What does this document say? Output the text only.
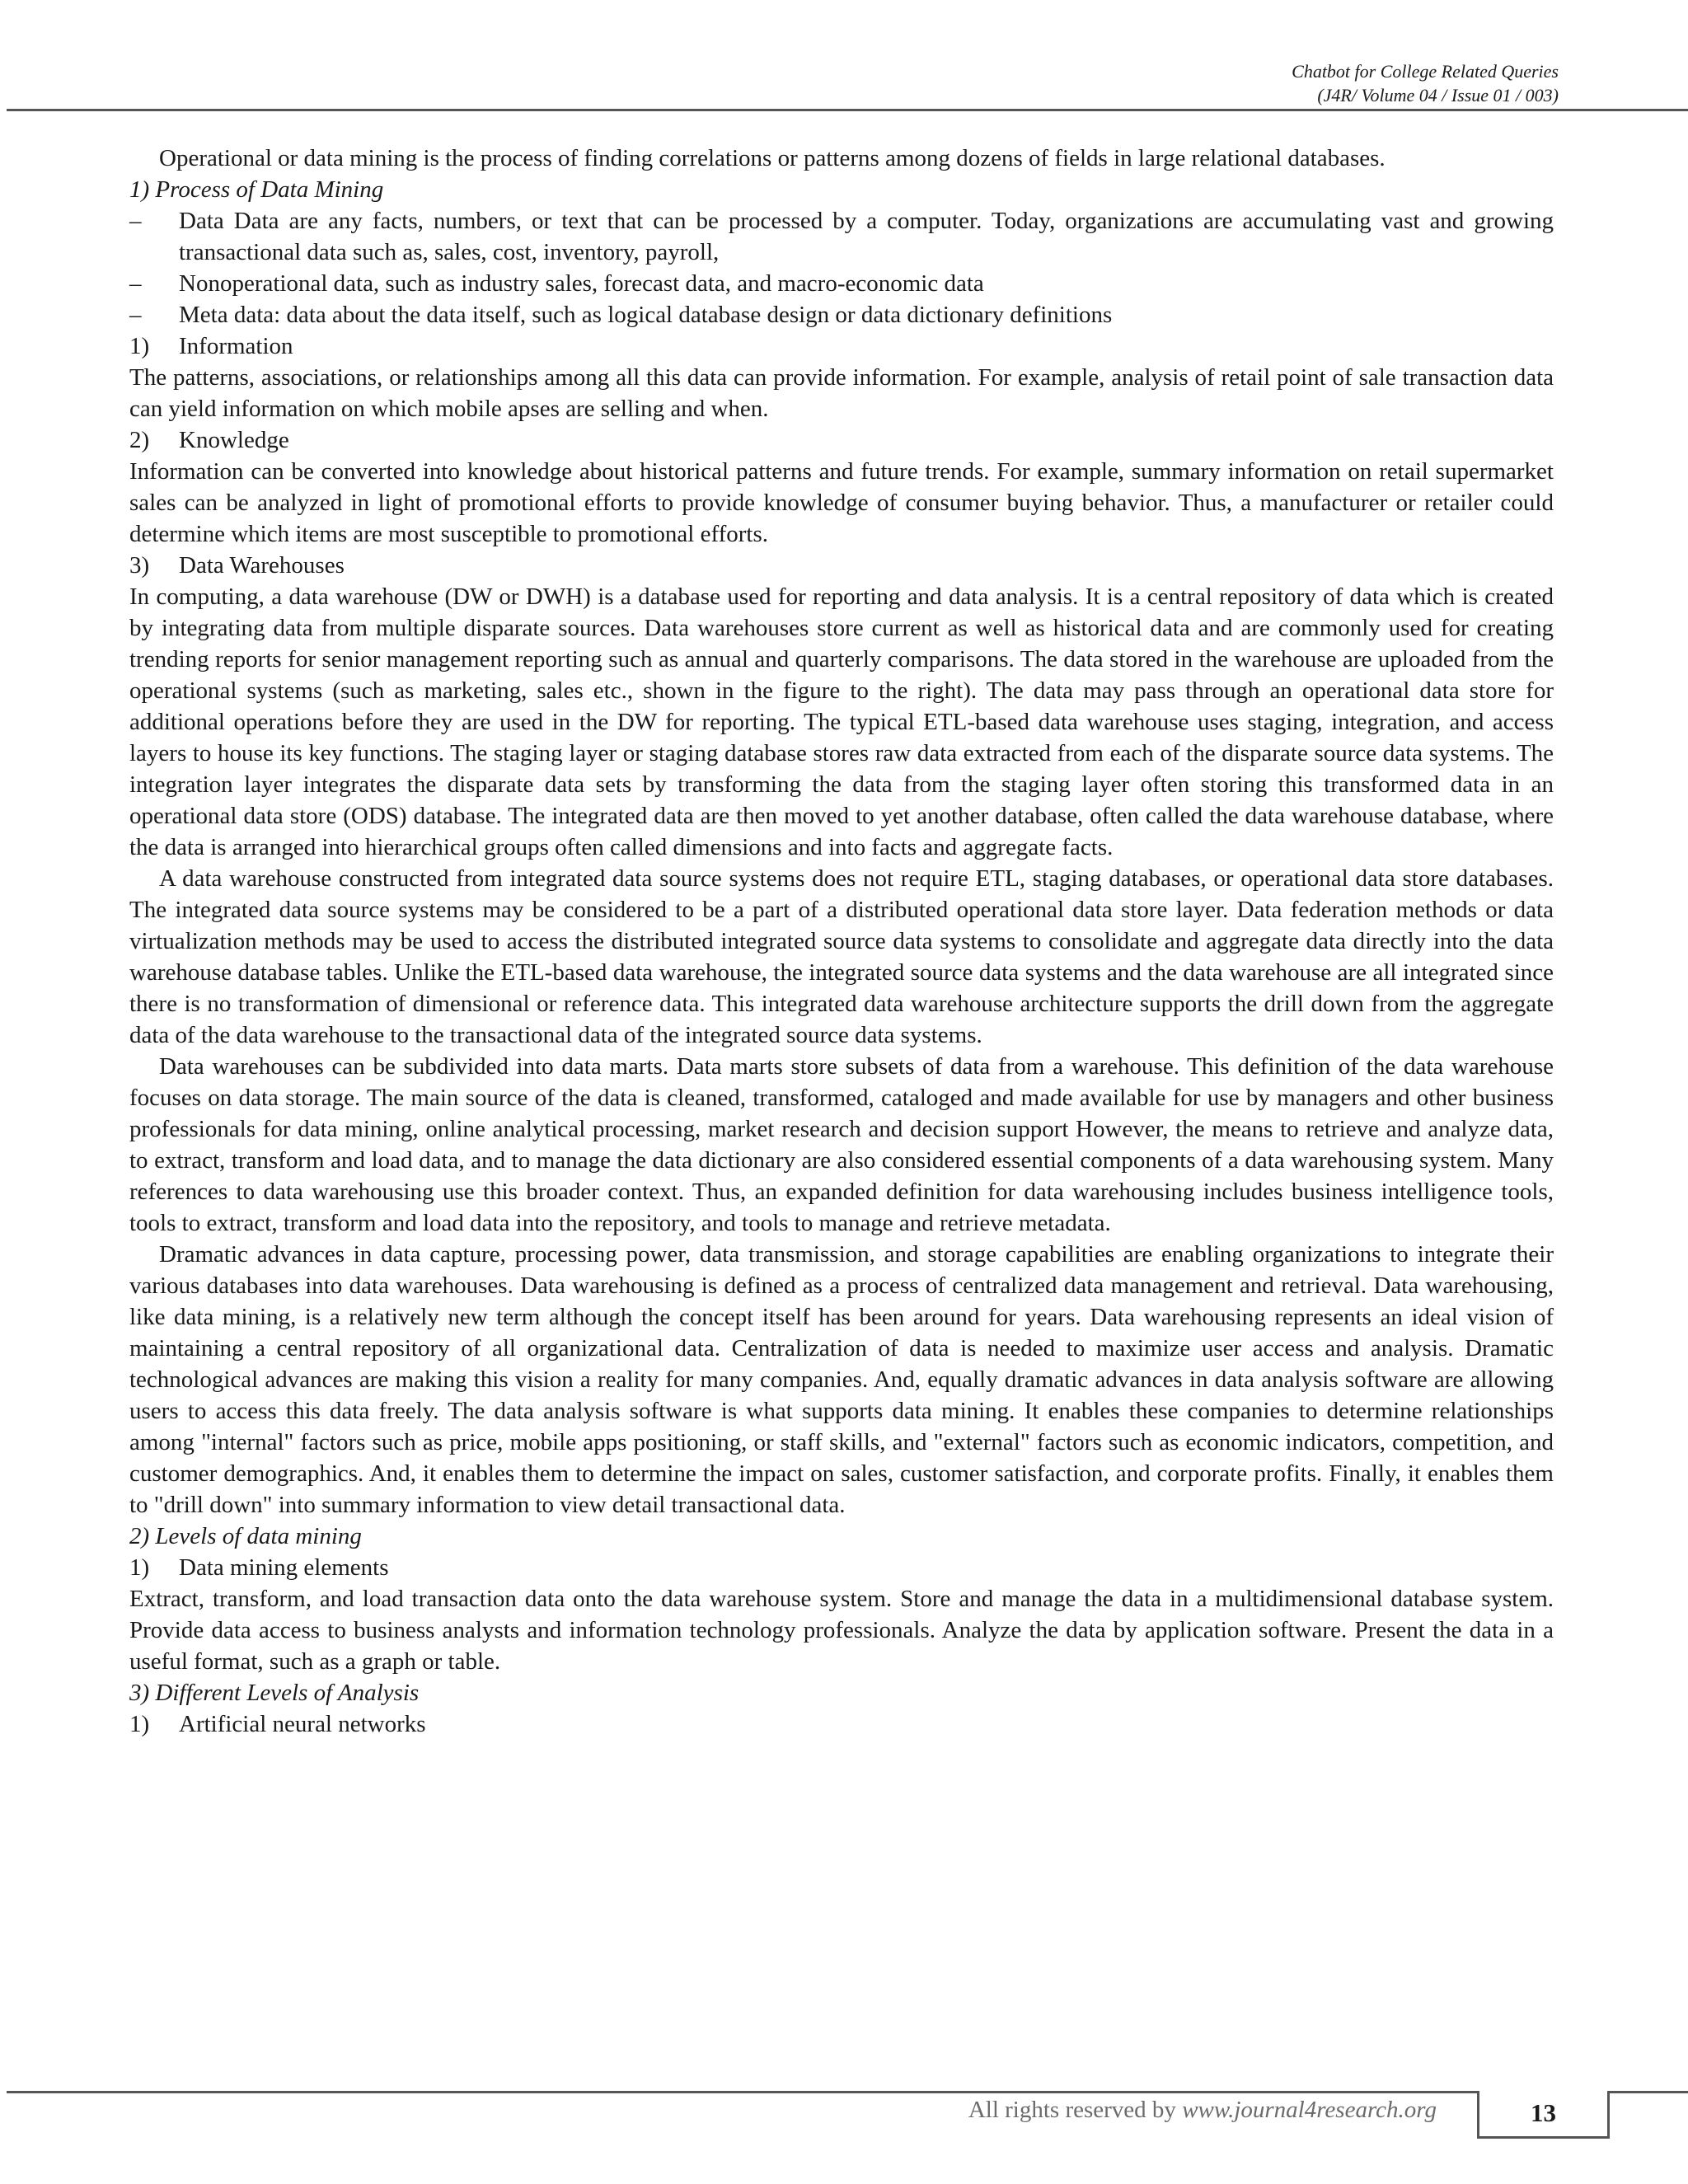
Chatbot for College Related Queries
(J4R/ Volume 04 / Issue 01 / 003)

Operational or data mining is the process of finding correlations or patterns among dozens of fields in large relational databases.

1) Process of Data Mining

– Data Data are any facts, numbers, or text that can be processed by a computer. Today, organizations are accumulating vast and growing transactional data such as, sales, cost, inventory, payroll,

– Nonoperational data, such as industry sales, forecast data, and macro-economic data

– Meta data: data about the data itself, such as logical database design or data dictionary definitions

1) Information

The patterns, associations, or relationships among all this data can provide information. For example, analysis of retail point of sale transaction data can yield information on which mobile apses are selling and when.

2) Knowledge

Information can be converted into knowledge about historical patterns and future trends. For example, summary information on retail supermarket sales can be analyzed in light of promotional efforts to provide knowledge of consumer buying behavior. Thus, a manufacturer or retailer could determine which items are most susceptible to promotional efforts.

3) Data Warehouses

In computing, a data warehouse (DW or DWH) is a database used for reporting and data analysis. It is a central repository of data which is created by integrating data from multiple disparate sources. Data warehouses store current as well as historical data and are commonly used for creating trending reports for senior management reporting such as annual and quarterly comparisons. The data stored in the warehouse are uploaded from the operational systems (such as marketing, sales etc., shown in the figure to the right). The data may pass through an operational data store for additional operations before they are used in the DW for reporting. The typical ETL-based data warehouse uses staging, integration, and access layers to house its key functions. The staging layer or staging database stores raw data extracted from each of the disparate source data systems. The integration layer integrates the disparate data sets by transforming the data from the staging layer often storing this transformed data in an operational data store (ODS) database. The integrated data are then moved to yet another database, often called the data warehouse database, where the data is arranged into hierarchical groups often called dimensions and into facts and aggregate facts.

A data warehouse constructed from integrated data source systems does not require ETL, staging databases, or operational data store databases. The integrated data source systems may be considered to be a part of a distributed operational data store layer. Data federation methods or data virtualization methods may be used to access the distributed integrated source data systems to consolidate and aggregate data directly into the data warehouse database tables. Unlike the ETL-based data warehouse, the integrated source data systems and the data warehouse are all integrated since there is no transformation of dimensional or reference data. This integrated data warehouse architecture supports the drill down from the aggregate data of the data warehouse to the transactional data of the integrated source data systems.

Data warehouses can be subdivided into data marts. Data marts store subsets of data from a warehouse. This definition of the data warehouse focuses on data storage. The main source of the data is cleaned, transformed, cataloged and made available for use by managers and other business professionals for data mining, online analytical processing, market research and decision support However, the means to retrieve and analyze data, to extract, transform and load data, and to manage the data dictionary are also considered essential components of a data warehousing system. Many references to data warehousing use this broader context. Thus, an expanded definition for data warehousing includes business intelligence tools, tools to extract, transform and load data into the repository, and tools to manage and retrieve metadata.

Dramatic advances in data capture, processing power, data transmission, and storage capabilities are enabling organizations to integrate their various databases into data warehouses. Data warehousing is defined as a process of centralized data management and retrieval. Data warehousing, like data mining, is a relatively new term although the concept itself has been around for years. Data warehousing represents an ideal vision of maintaining a central repository of all organizational data. Centralization of data is needed to maximize user access and analysis. Dramatic technological advances are making this vision a reality for many companies. And, equally dramatic advances in data analysis software are allowing users to access this data freely. The data analysis software is what supports data mining. It enables these companies to determine relationships among "internal" factors such as price, mobile apps positioning, or staff skills, and "external" factors such as economic indicators, competition, and customer demographics. And, it enables them to determine the impact on sales, customer satisfaction, and corporate profits. Finally, it enables them to "drill down" into summary information to view detail transactional data.

2) Levels of data mining

1) Data mining elements

Extract, transform, and load transaction data onto the data warehouse system. Store and manage the data in a multidimensional database system. Provide data access to business analysts and information technology professionals. Analyze the data by application software. Present the data in a useful format, such as a graph or table.

3) Different Levels of Analysis

1) Artificial neural networks

All rights reserved by www.journal4research.org	13
